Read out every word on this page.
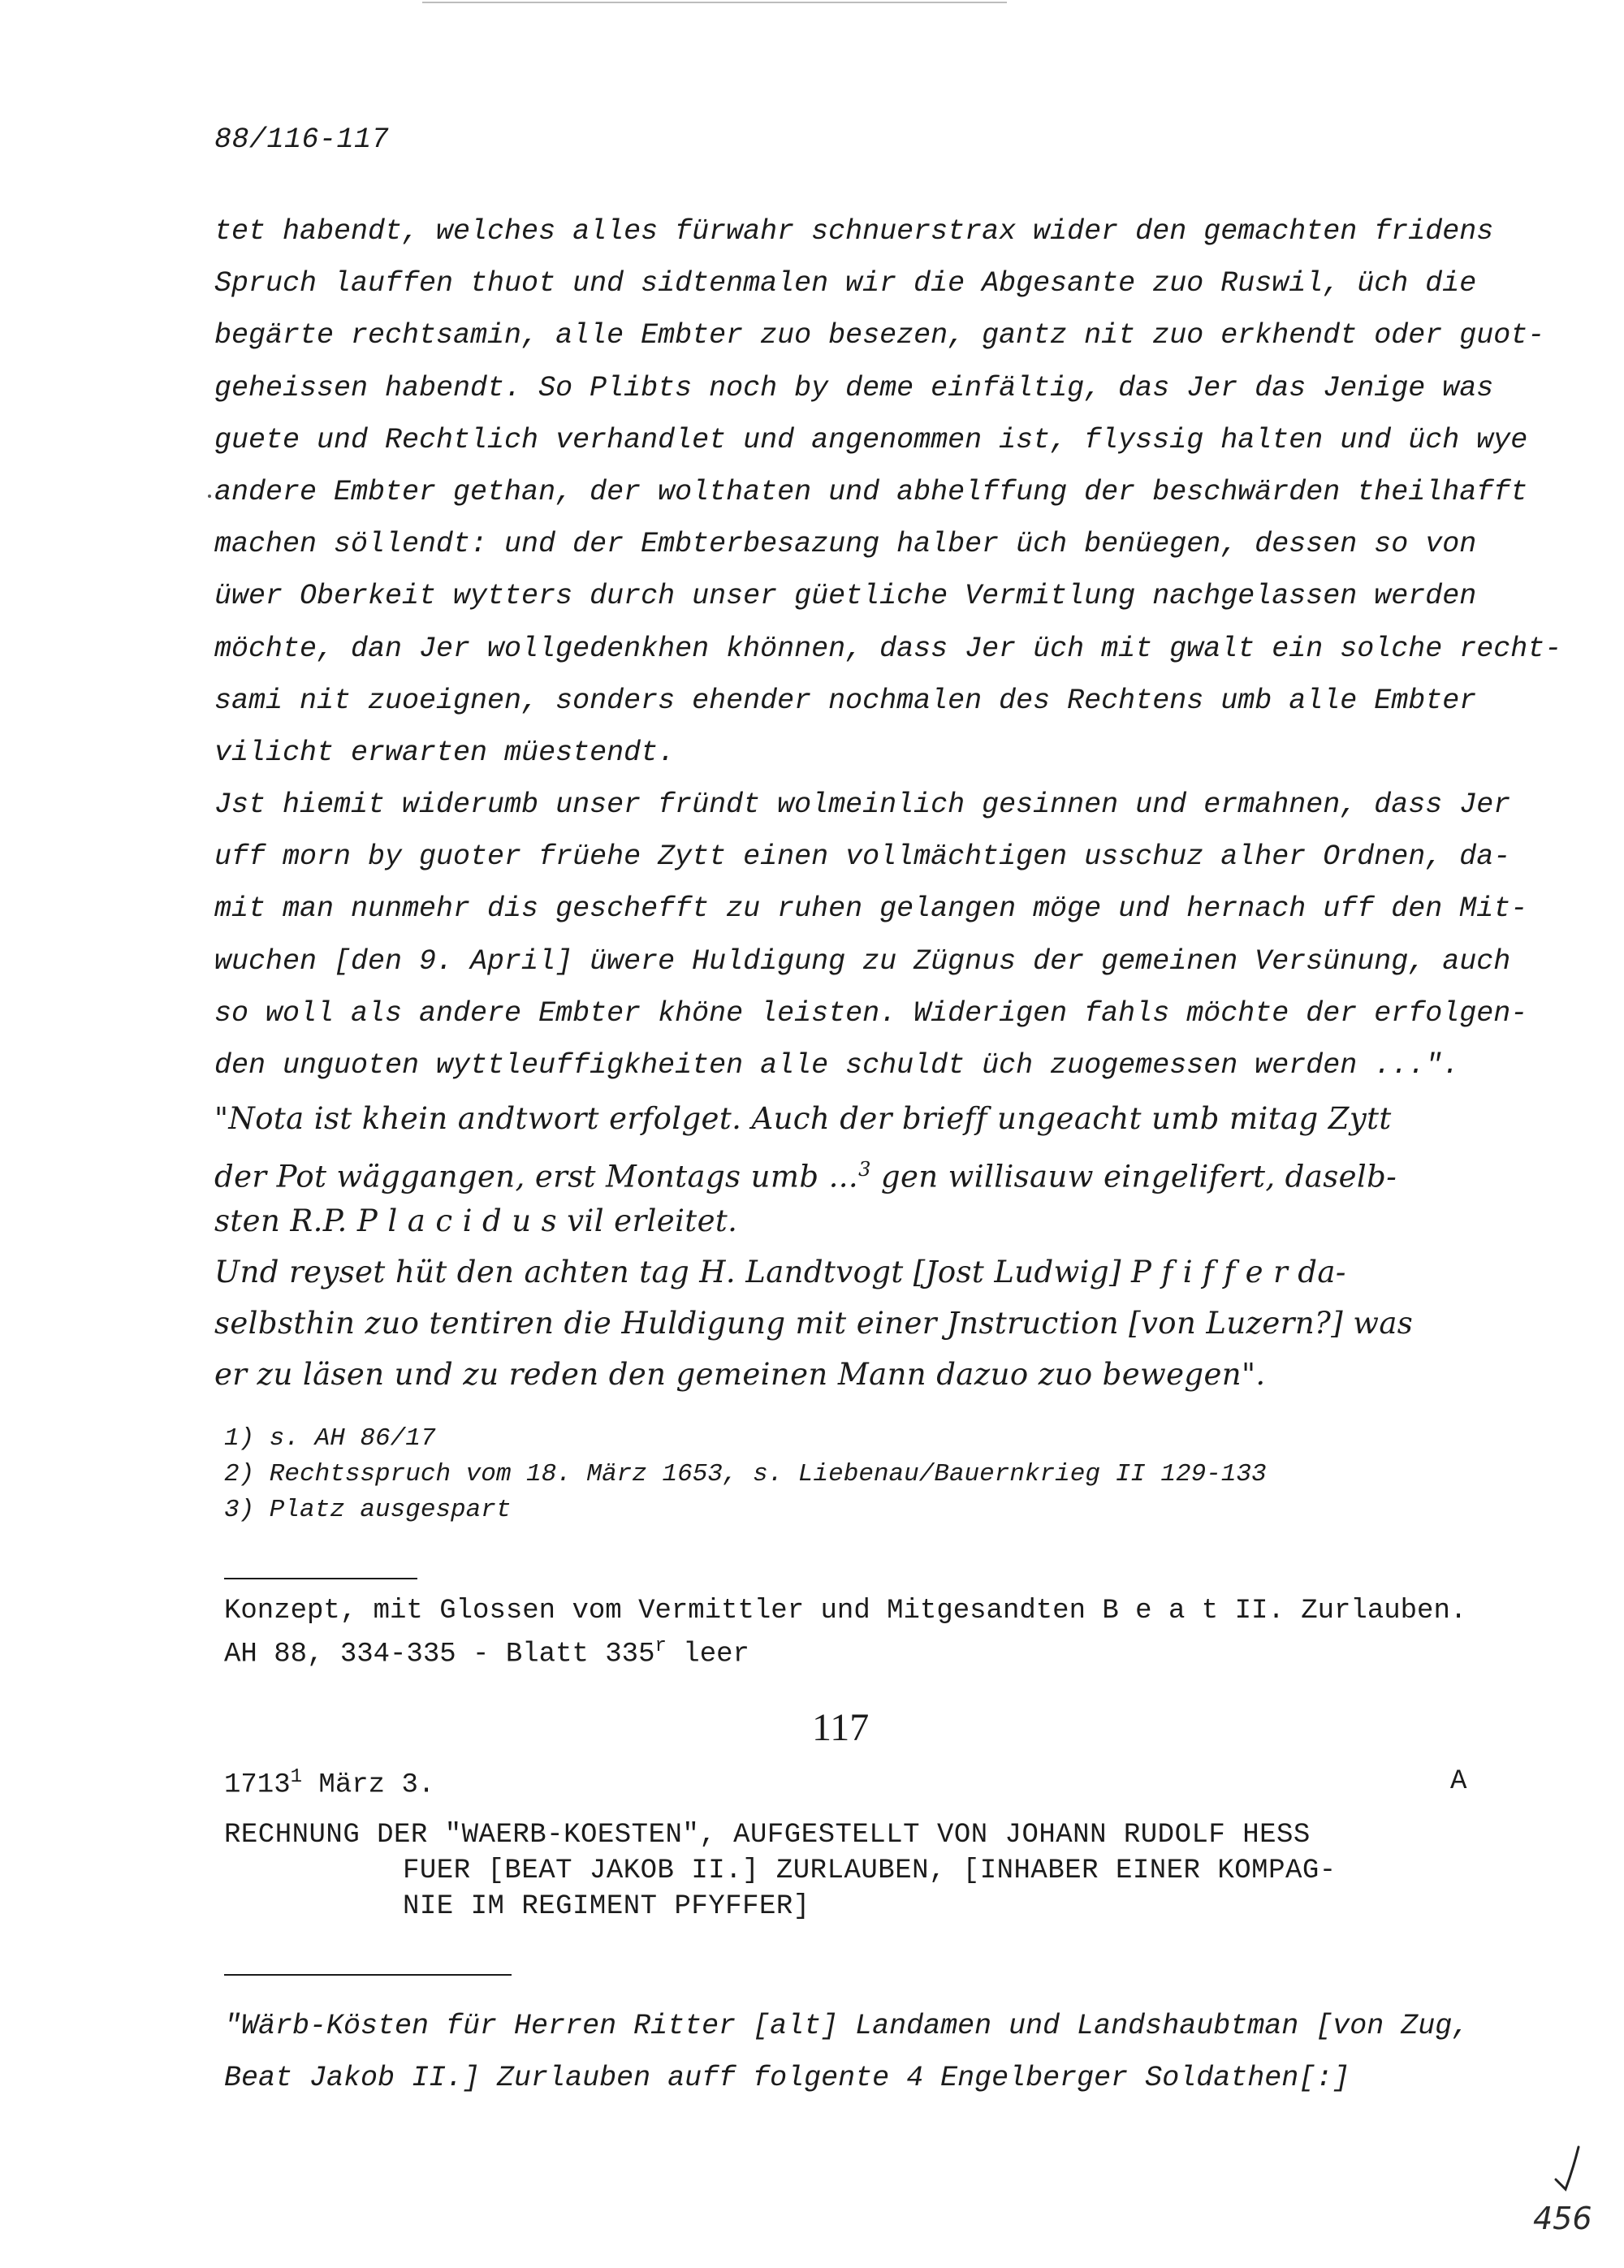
88/116-117
tet habendt, welches alles fürwahr schnuerstrax wider den gemachten fridens
Spruch lauffen thuot und sidtenmalen wir die Abgesante zuo Ruswil, üch die
begärte rechtsamin, alle Embter zuo besezen, gantz nit zuo erkhendt oder guot-
geheissen habendt. So Plibts noch by deme einfältig, das Jer das Jenige was
guete und Rechtlich verhandlet und angenommen ist, flyssig halten und üch wye
andere Embter gethan, der wolthaten und abhelffung der beschwärden theilhafft
machen söllendt: und der Embterbesazung halber üch benüegen, dessen so von
üwer Oberkeit wytters durch unser güetliche Vermitlung nachgelassen werden
möchte, dan Jer wollgedenkhen khönnen, dass Jer üch mit gwalt ein solche recht-
sami nit zuoeignen, sonders ehender nochmalen des Rechtens umb alle Embter
vilicht erwarten müestendt.
Jst hiemit widerumb unser fründt wolmeinlich gesinnen und ermahnen, dass Jer
uff morn by guoter früehe Zytt einen vollmächtigen usschuz alher Ordnen, da-
mit man nunmehr dis geschefft zu ruhen gelangen möge und hernach uff den Mit-
wuchen [den 9. April] üwere Huldigung zu Zügnus der gemeinen Versünung, auch
so woll als andere Embter khöne leisten. Widerigen fahls möchte der erfolgen-
den unguoten wyttleuffigkheiten alle schuldt üch zuogemessen werden ...".
"Nota ist khein andtwort erfolget. Auch der brieff ungeacht umb mitag Zytt
der Pot wäggangen, erst Montags umb ...$^3$ gen willisauw eingelifert, daselb-
sten R.P. P l a c i d u s vil erleitet.
Und reyset hüt den achten tag H. Landtvogt [Jost Ludwig] P f i f f e r da-
selbsthin zuo tentiren die Huldigung mit einer Jnstruction [von Luzern?] was
er zu läsen und zu reden den gemeinen Mann dazuo zuo bewegen".
1) s. AH 86/17
2) Rechtsspruch vom 18. März 1653, s. Liebenau/Bauernkrieg II 129-133
3) Platz ausgespart
Konzept, mit Glossen vom Vermittler und Mitgesandten B e a t II. Zurlauben.
AH 88, 334-335 - Blatt 335$^r$ leer
117
1713$^1$ März 3.	A
RECHNUNG DER "WAERB-KOESTEN", AUFGESTELLT VON JOHANN RUDOLF HESS
FUER [BEAT JAKOB II.] ZURLAUBEN, [INHABER EINER KOMPAG-
NIE IM REGIMENT PFYFFER]
"Wärb-Kösten für Herren Ritter [alt] Landamen und Landshaubtman [von Zug,
Beat Jakob II.] Zurlauben auff folgente 4 Engelberger Soldathen[:]
456
